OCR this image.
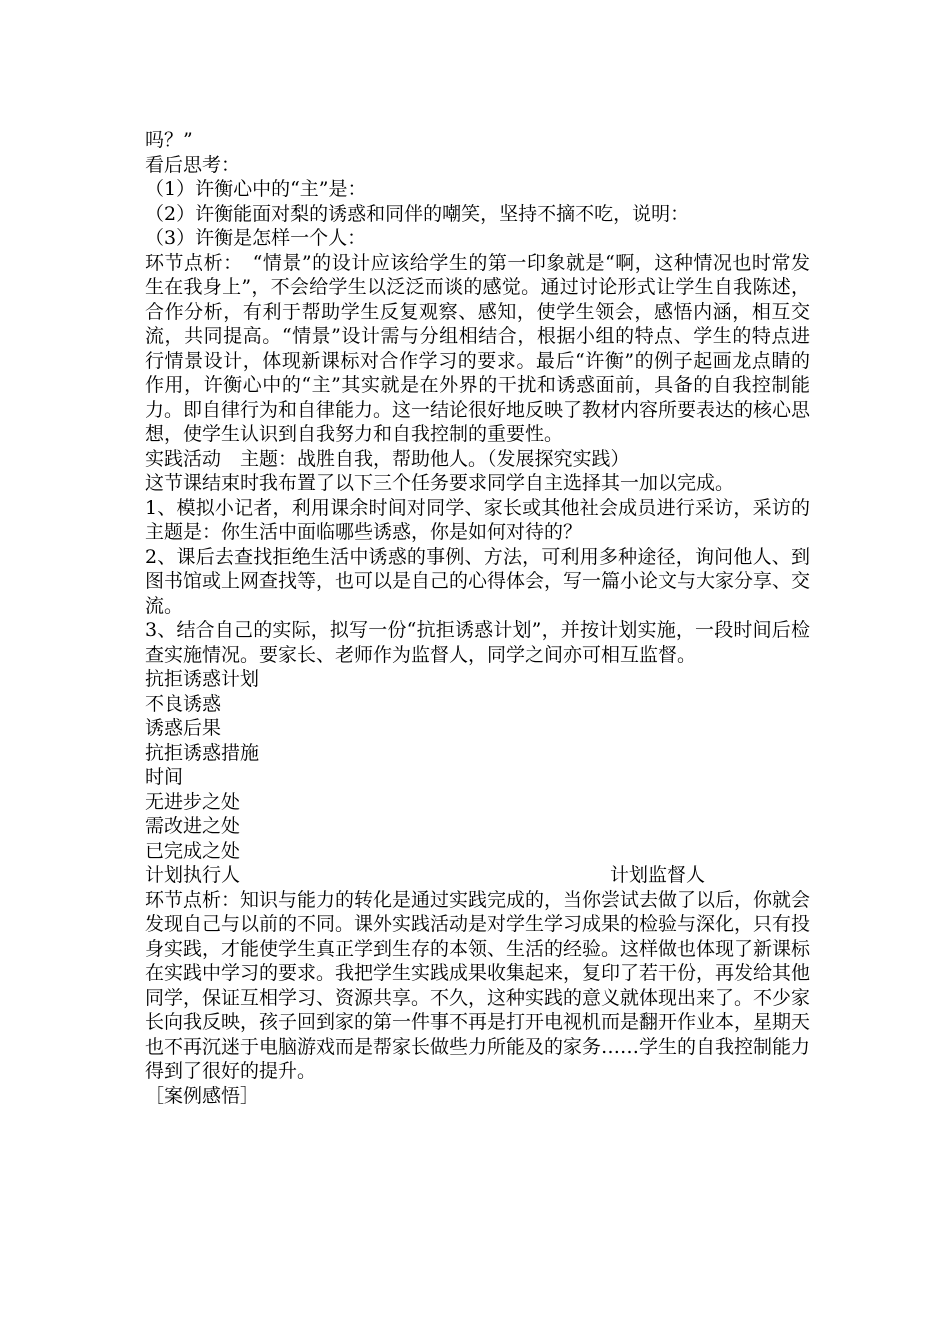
吗？”

看后思考：

（1）许衡心中的“主”是：

（2）许衡能面对梨的诱惑和同伴的嘲笑，坚持不摘不吃，说明：

（3）许衡是怎样一个人：

环节点析：　“情景”的设计应该给学生的第一印象就是“啊，这种情况也时常发生在我身上”，不会给学生以泛泛而谈的感觉。通过讨论形式让学生自我陈述，合作分析，有利于帮助学生反复观察、感知，使学生领会，感悟内涵，相互交流，共同提高。“情景”设计需与分组相结合，根据小组的特点、学生的特点进行情景设计，体现新课标对合作学习的要求。最后“许衡”的例子起画龙点睛的作用，许衡心中的“主”其实就是在外界的干扰和诱惑面前，具备的自我控制能力。即自律行为和自律能力。这一结论很好地反映了教材内容所要表达的核心思想，使学生认识到自我努力和自我控制的重要性。

实践活动　主题：战胜自我，帮助他人。（发展探究实践）

这节课结束时我布置了以下三个任务要求同学自主选择其一加以完成。

1、模拟小记者，利用课余时间对同学、家长或其他社会成员进行采访，采访的主题是：你生活中面临哪些诱惑，你是如何对待的？

2、课后去查找拒绝生活中诱惑的事例、方法，可利用多种途径，询问他人、到图书馆或上网查找等，也可以是自己的心得体会，写一篇小论文与大家分享、交流。

3、结合自己的实际，拟写一份“抗拒诱惑计划”，并按计划实施，一段时间后检查实施情况。要家长、老师作为监督人，同学之间亦可相互监督。

抗拒诱惑计划

不良诱惑

诱惑后果

抗拒诱惑措施

时间

无进步之处

需改进之处

已完成之处

计划执行人	计划监督人

环节点析：知识与能力的转化是通过实践完成的，当你尝试去做了以后，你就会发现自己与以前的不同。课外实践活动是对学生学习成果的检验与深化，只有投身实践，才能使学生真正学到生存的本领、生活的经验。这样做也体现了新课标在实践中学习的要求。我把学生实践成果收集起来，复印了若干份，再发给其他同学，保证互相学习、资源共享。不久，这种实践的意义就体现出来了。不少家长向我反映，孩子回到家的第一件事不再是打开电视机而是翻开作业本，星期天也不再沉迷于电脑游戏而是帮家长做些力所能及的家务……学生的自我控制能力得到了很好的提升。

［案例感悟］
